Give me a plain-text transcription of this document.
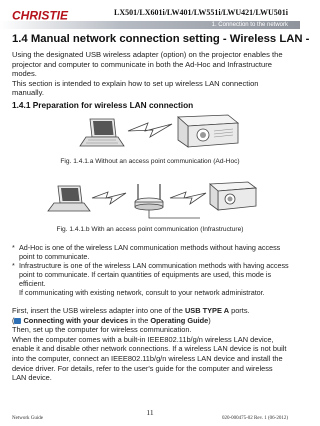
CHRISTIE	LX501/LX601i/LW401/LW551i/LWU421/LWU501i
1. Connection to the network
1.4 Manual network connection setting - Wireless LAN -
Using the designated USB wireless adapter (option) on the projector enables the projector and computer to communicate in both the Ad-Hoc and Infrastructure modes.
This section is intended to explain how to set up wireless LAN connection manually.
1.4.1 Preparation for wireless LAN connection
Fig. 1.4.1.a Without an access point communication (Ad-Hoc)
Fig. 1.4.1.b With an access point communication (Infrastructure)
* Ad-Hoc is one of the wireless LAN communication methods without having access point to communicate.
* Infrastructure is one of the wireless LAN communication methods with having access point to communicate. If certain quantities of equipments are used, this mode is efficient.
If communicating with existing network, consult to your network administrator.
First, insert the USB wireless adapter into one of the USB TYPE A ports.
( Connecting with your devices in the Operating Guide)
Then, set up the computer for wireless communication.
When the computer comes with a built-in IEEE802.11b/g/n wireless LAN device, enable it and disable other network connections. If a wireless LAN device is not built into the computer, connect an IEEE802.11b/g/n wireless LAN device and install the device driver. For details, refer to the user's guide for the computer and wireless LAN device.
Network Guide
11
020-000475-02 Rev. 1 (06-2012)
